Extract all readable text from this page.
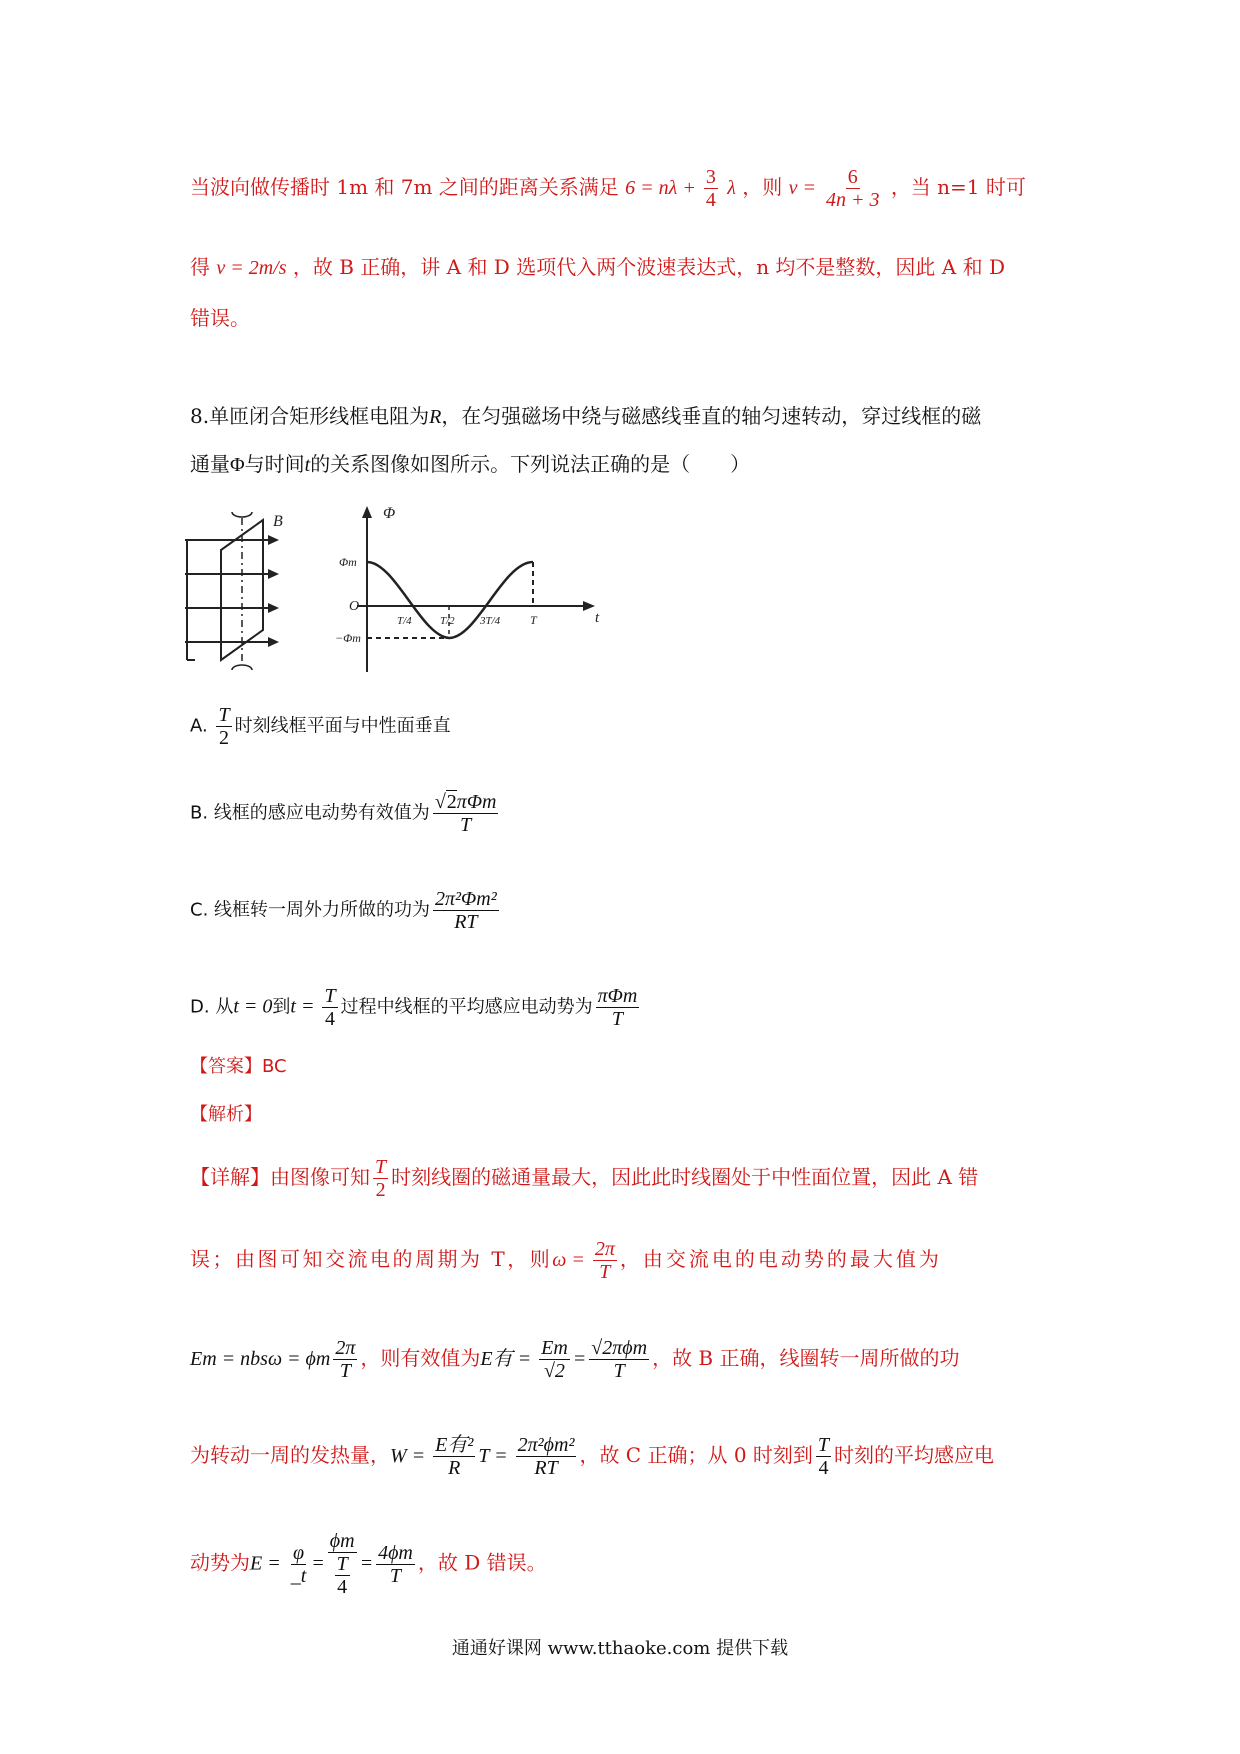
当波向做传播时 1m 和 7m 之间的距离关系满足 $6 = n\lambda + \frac{3}{4}$ λ ，则 $v = \frac{6}{4n + 3}$ ，当 n=1 时可
得 v = 2m/s ，故 B 正确，讲 A 和 D 选项代入两个波速表达式，n 均不是整数，因此 A 和 D
错误。
8.单匝闭合矩形线框电阻为R，在匀强磁场中绕与磁感线垂直的轴匀速转动，穿过线框的磁
通量Φ与时间t的关系图像如图所示。下列说法正确的是（　　）
B	Φ
Φm
−Φm
O
t
T/4	T/2 3T/4 T
A. $\frac{T}{2}$ 时刻线框平面与中性面垂直
B. 线框的感应电动势有效值为 $\frac{\text{√2πΦm}}{T}$
C. 线框转一周外力所做的功为 $\frac{\text{2π²Φm²}}{RT}$
D. 从t = 0到$t = \frac{T}{4}$ 过程中线框的平均感应电动势为 $\frac{\text{πΦm}}{T}$
【答案】BC
【解析】
【详解】由图像可知 $\frac{T}{2}$ 时刻线圈的磁通量最大，因此此时线圈处于中性面位置，因此 A 错
误；由图可知交流电的周期为 T，则$\omega = \frac{2\pi}{T}$ ，由交流电的电动势的最大值为
Em = nbsω = ϕm $\frac{2\pi}{T}$ ，则有效值为E有 = $\frac{Em}{√2} = \frac{\text{√2πϕm}}{T}$ ，故 B 正确，线圈转一周所做的功
为转动一周的发热量，$W = \frac{\text{E有²}}{R}$ $T = \frac{\text{2π²ϕm²}}{RT}$ ，故 C 正确；从 0 时刻到 $\frac{T}{4}$ 时刻的平均感应电
动势为$E = \frac{\varphi}{\_t} = \frac{\phi m}{\frac{T}{4}} = \frac{4\phi m}{T}$ ，故 D 错误。
通通好课网 www.tthaoke.com 提供下载
